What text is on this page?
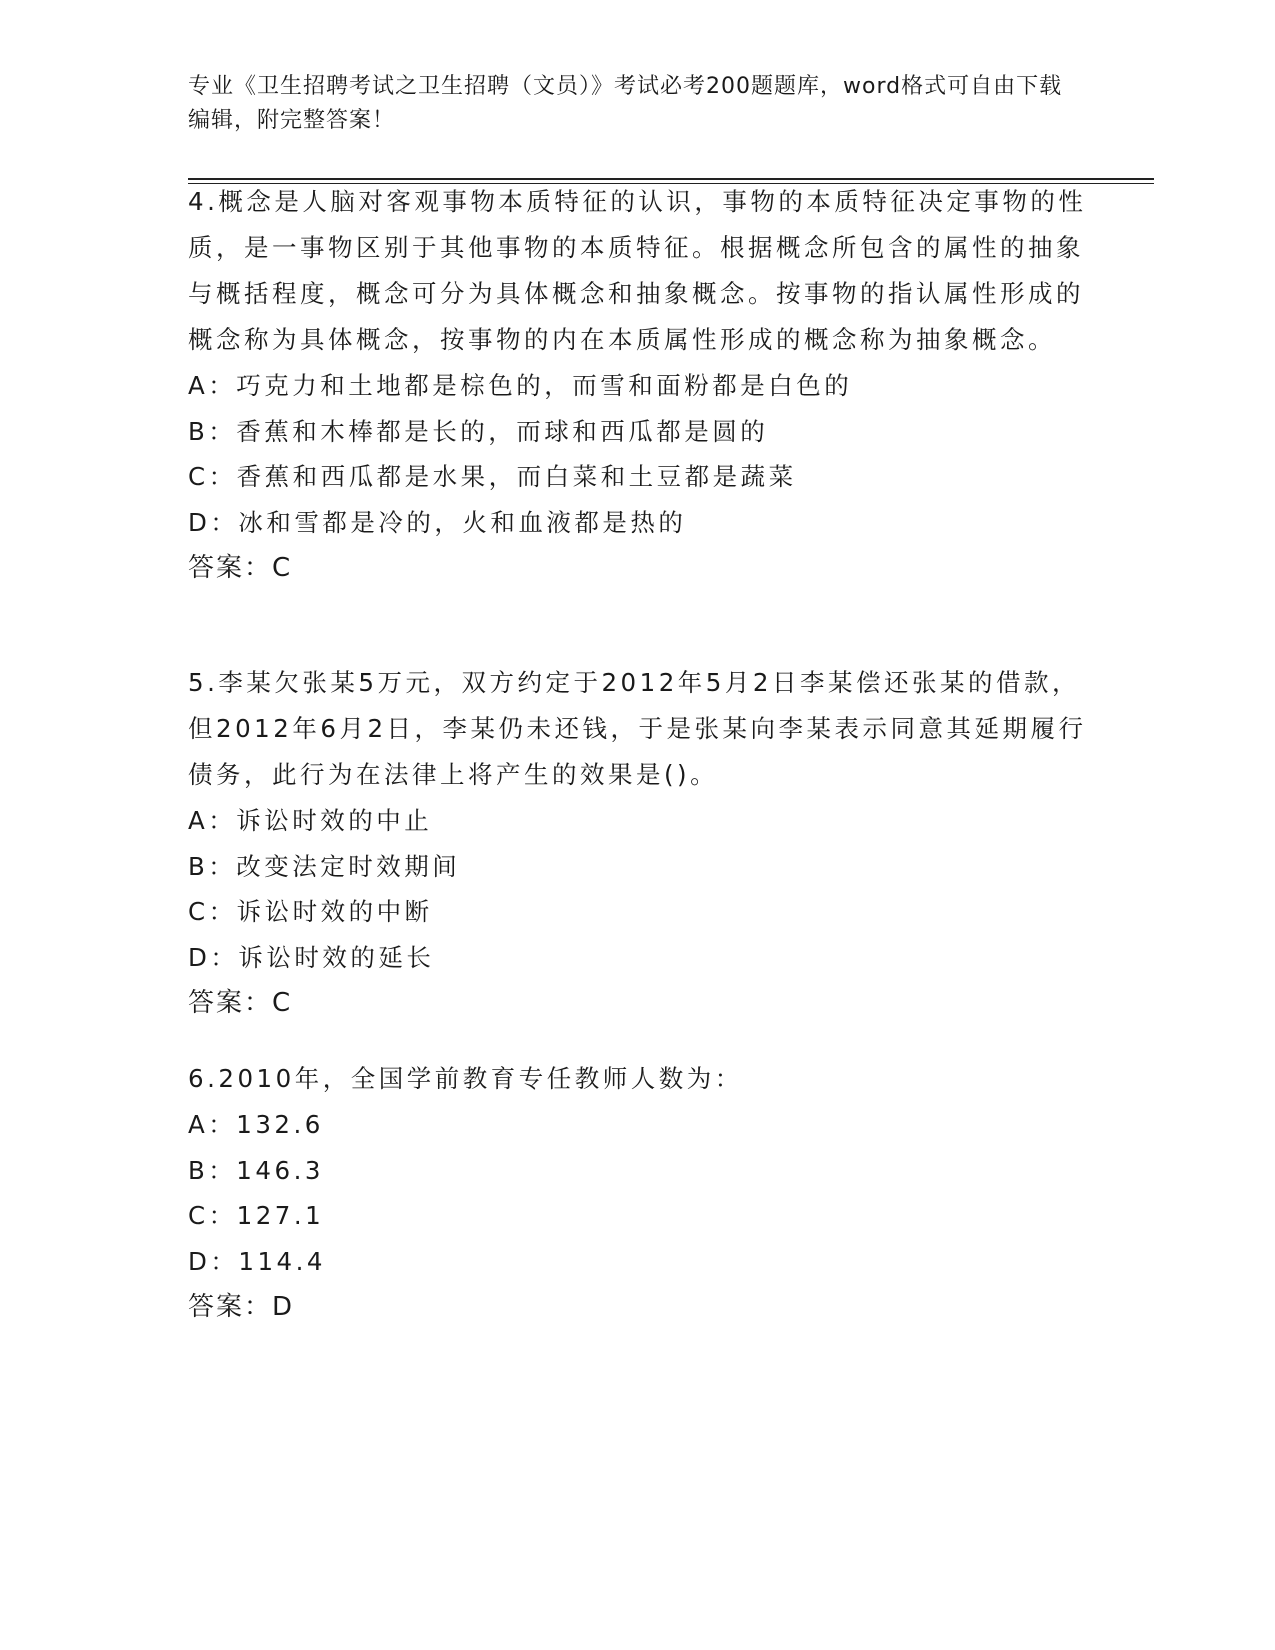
专业《卫生招聘考试之卫生招聘（文员）》考试必考200题题库，word格式可自由下载编辑，附完整答案！
4.概念是人脑对客观事物本质特征的认识，事物的本质特征决定事物的性质，是一事物区别于其他事物的本质特征。根据概念所包含的属性的抽象与概括程度，概念可分为具体概念和抽象概念。按事物的指认属性形成的概念称为具体概念，按事物的内在本质属性形成的概念称为抽象概念。
A：巧克力和土地都是棕色的，而雪和面粉都是白色的
B：香蕉和木棒都是长的，而球和西瓜都是圆的
C：香蕉和西瓜都是水果，而白菜和土豆都是蔬菜
D：冰和雪都是冷的，火和血液都是热的
答案：C
5.李某欠张某5万元，双方约定于2012年5月2日李某偿还张某的借款，但2012年6月2日，李某仍未还钱，于是张某向李某表示同意其延期履行债务，此行为在法律上将产生的效果是()。
A：诉讼时效的中止
B：改变法定时效期间
C：诉讼时效的中断
D：诉讼时效的延长
答案：C
6.2010年，全国学前教育专任教师人数为：
A：132.6
B：146.3
C：127.1
D：114.4
答案：D
